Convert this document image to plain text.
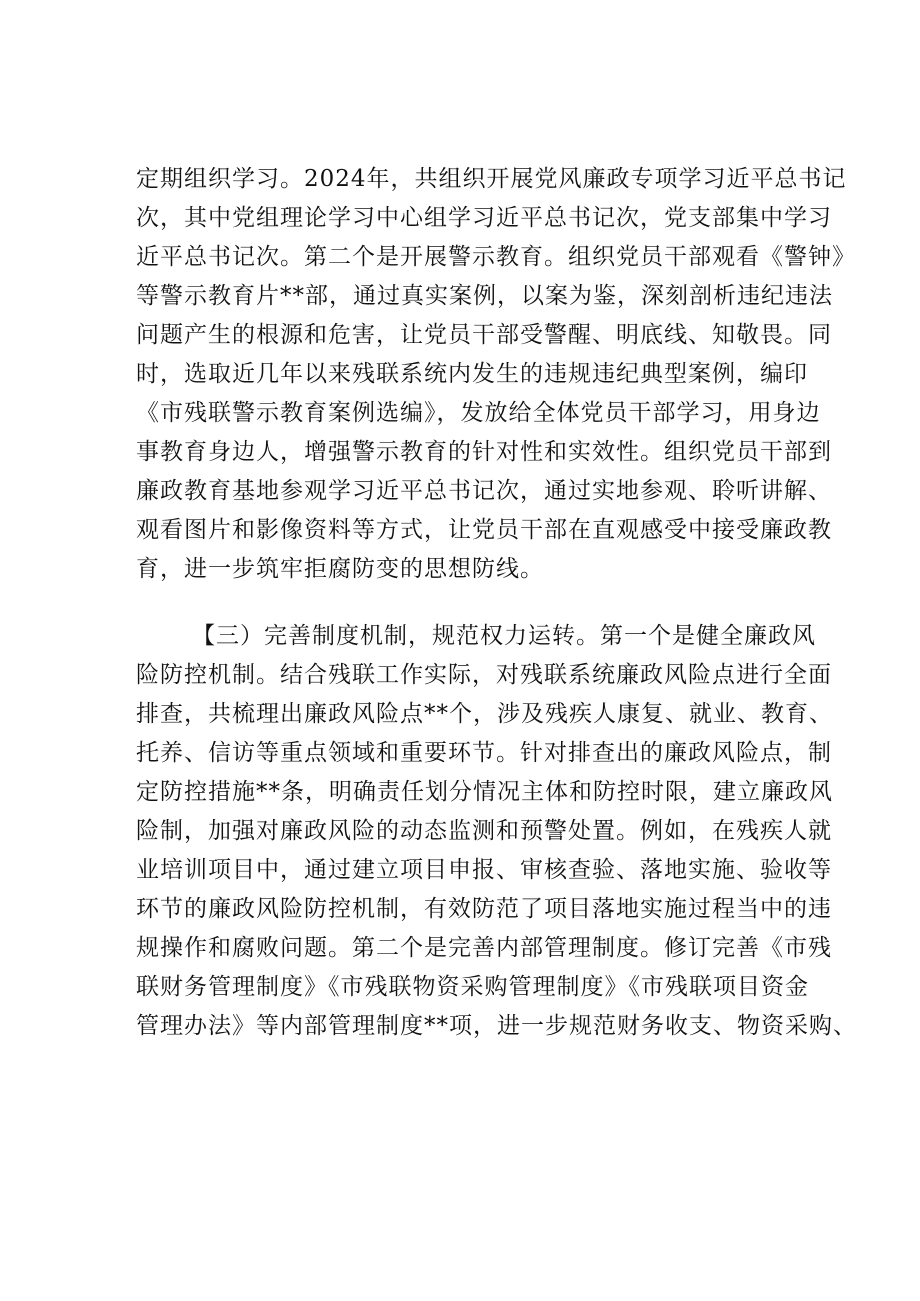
定期组织学习。2024年，共组织开展党风廉政专项学习近平总书记
次，其中党组理论学习中心组学习近平总书记次，党支部集中学习
近平总书记次。第二个是开展警示教育。组织党员干部观看《警钟》
等警示教育片**部，通过真实案例，以案为鉴，深刻剖析违纪违法
问题产生的根源和危害，让党员干部受警醒、明底线、知敬畏。同
时，选取近几年以来残联系统内发生的违规违纪典型案例，编印
《市残联警示教育案例选编》，发放给全体党员干部学习，用身边
事教育身边人，增强警示教育的针对性和实效性。组织党员干部到
廉政教育基地参观学习近平总书记次，通过实地参观、聆听讲解、
观看图片和影像资料等方式，让党员干部在直观感受中接受廉政教
育，进一步筑牢拒腐防变的思想防线。

【三）完善制度机制，规范权力运转。第一个是健全廉政风
险防控机制。结合残联工作实际，对残联系统廉政风险点进行全面
排查，共梳理出廉政风险点**个，涉及残疾人康复、就业、教育、
托养、信访等重点领域和重要环节。针对排查出的廉政风险点，制
定防控措施**条，明确责任划分情况主体和防控时限，建立廉政风
险制，加强对廉政风险的动态监测和预警处置。例如，在残疾人就
业培训项目中，通过建立项目申报、审核查验、落地实施、验收等
环节的廉政风险防控机制，有效防范了项目落地实施过程当中的违
规操作和腐败问题。第二个是完善内部管理制度。修订完善《市残
联财务管理制度》《市残联物资采购管理制度》《市残联项目资金
管理办法》等内部管理制度**项，进一步规范财务收支、物资采购、
